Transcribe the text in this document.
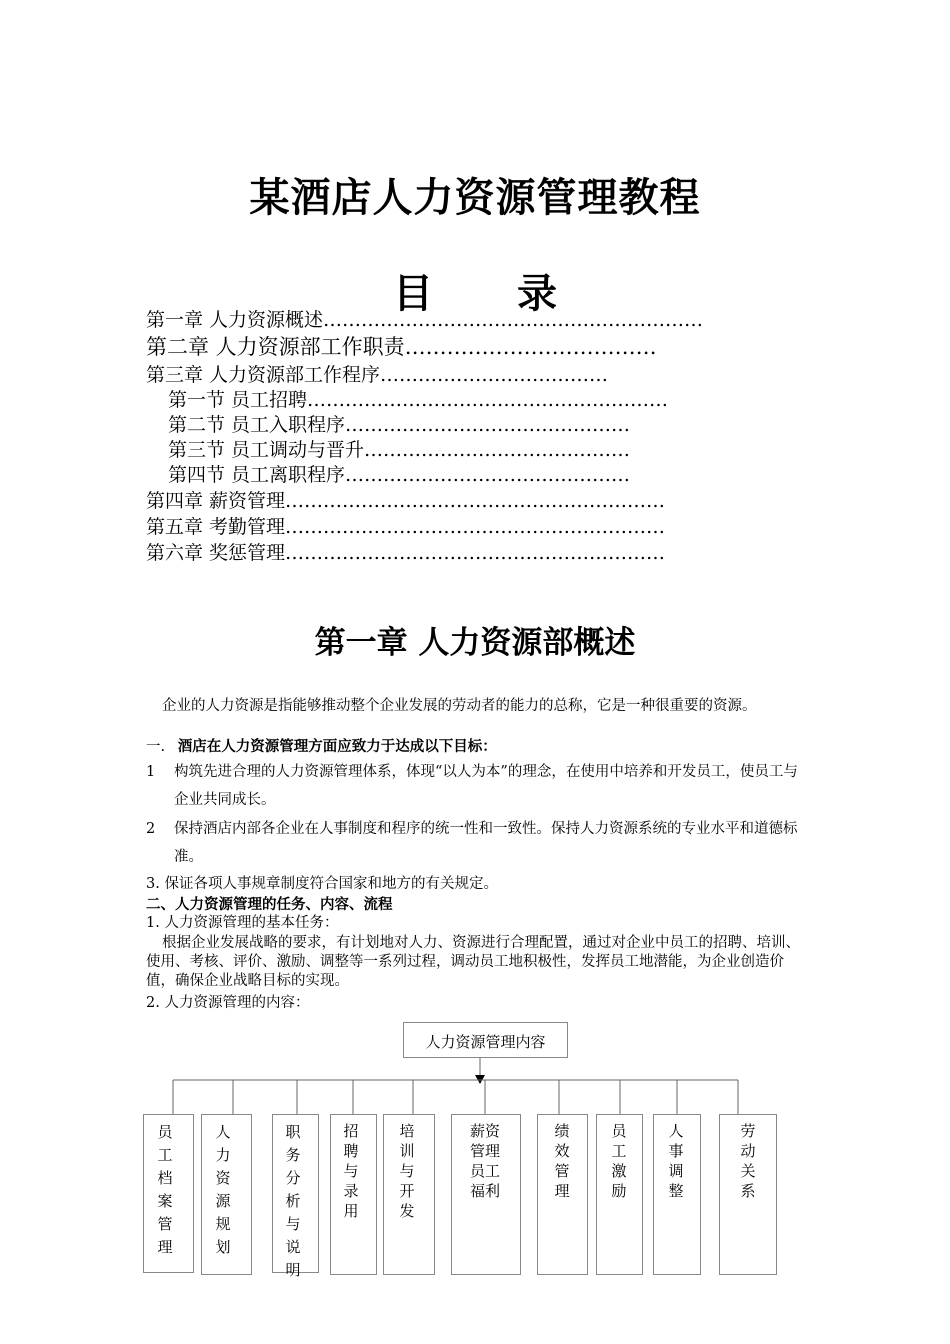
某酒店人力资源管理教程
目 录
第一章 人力资源概述……………………………………………………
第二章 人力资源部工作职责………………………………
第三章 人力资源部工作程序………………………………
第一节 员工招聘…………………………………………………
第二节 员工入职程序………………………………………
第三节 员工调动与晋升……………………………………
第四节 员工离职程序………………………………………
第四章 薪资管理……………………………………………………
第五章 考勤管理……………………………………………………
第六章 奖惩管理……………………………………………………
第一章 人力资源部概述
企业的人力资源是指能够推动整个企业发展的劳动者的能力的总称，它是一种很重要的资源。
一. 酒店在人力资源管理方面应致力于达成以下目标：
1	构筑先进合理的人力资源管理体系，体现“以人为本”的理念，在使用中培养和开发员工，使员工与企业共同成长。
2	保持酒店内部各企业在人事制度和程序的统一性和一致性。保持人力资源系统的专业水平和道德标准。
3. 保证各项人事规章制度符合国家和地方的有关规定。
二、人力资源管理的任务、内容、流程
1. 人力资源管理的基本任务：
根据企业发展战略的要求，有计划地对人力、资源进行合理配置，通过对企业中员工的招聘、培训、使用、考核、评价、激励、调整等一系列过程，调动员工地积极性，发挥员工地潜能，为企业创造价值，确保企业战略目标的实现。
2. 人力资源管理的内容：
人力资源管理内容
员工档案管理
人力资源规划
职务分析与说明
招聘与录用
培训与开发
薪资管理员工福利
绩效管理
员工激励
人事调整
劳动关系
